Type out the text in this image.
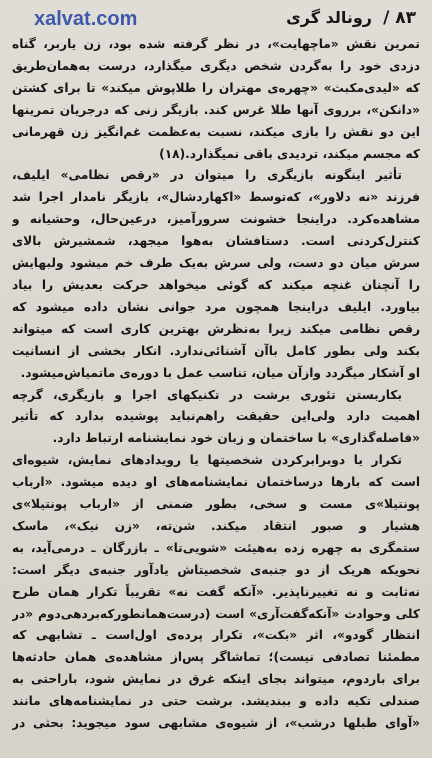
۸۳ /
رونالد گری
xalvat.com
تمرین نقش «ماچهایت»، در نظر گرفته شده بود، زن یاربر، گناه
دزدی خود را به‌گردن شخص دیگری میگذارد، درست به‌همان‌طریق
که «لیدی‌مکبث» «چهره‌ی مهتران را طلاپوش میکند» تا برای کشتن
«دانکن»، برروی آنها طلا غرس کند. بازیگر زنی که درجریان تمرینها
این دو نقش را بازی میکند، نسبت به‌عظمت غم‌انگیز زن قهرمانی
که مجسم میکند، تردیدی باقی نمیگذارد.(۱۸)
تأثیر اینگونه بازیگری را میتوان در «رقص نظامی» ایلیف،
فرزند «نه دلاور»، که‌توسط «اکهارد‌شال»، بازیگر نامدار اجرا شد
مشاهده‌کرد. دراینجا خشونت سرورآمیز، درعین‌حال، وحشیانه و
کنترل‌کردنی است. دستافشان به‌هوا میجهد، شمشیرش بالای
سرش میان دو دست، ولی سرش به‌یک طرف خم میشود ولبهایش
را آنچنان غنچه میکند که گوئی میخواهد حرکت بعدیش را بیاد
بیاورد. ایلیف دراینجا همچون مرد جوانی نشان داده میشود که
رقص نظامی میکند زیرا به‌نظرش بهترین کاری است که میتواند
بکند ولی بطور کامل باآن آشنائی‌ندارد. انکار بخشی از انسانیت
او آشکار میگردد وازآن میان، تناسب عمل با دوره‌ی ماتمیاش‌میشود.
بکاربستن تئوری برشت در تکنیکهای اجرا و بازیگری، گرچه
اهمیت دارد ولی‌این حقیقت راهم‌نباید پوشیده بدارد که تأثیر
«فاصله‌گذاری» با ساختمان و زبان خود نمایشنامه ارتباط دارد.
تکرار یا دوبرابرکردن شخصیتها یا رویدادهای نمایش، شیوه‌ای
است که بارها درساختمان نمایشنامه‌های او دیده میشود. «ارباب
پونتیلا»ی مست و سخی، بطور ضمنی از «ارباب پونتیلا»ی
هشیار و صبور انتقاد میکند. شن‌ته، «زن نیک»، ماسک
ستمگری به چهره زده به‌هیئت «شویی‌تا» ـ بازرگان ـ درمی‌آید، به
نحویکه هریک از دو جنبه‌ی شخصیتاش یادآور جنبه‌ی دیگر است:
نه‌ثابت و نه تغییرناپذیر. «آنکه گفت نه» تقریباً تکرار همان طرح
کلی وحوادث «آنکه‌گفت‌آری» است (درست‌همانطورکه‌بردهی‌دوم «در
انتظار گودو»، اثر «بکت»، تکرار پرده‌ی اول‌است ـ تشابهی که
مطمئنا تصادفی نیست)؛ تماشاگر پس‌از مشاهده‌ی همان حادثه‌ها
برای باردوم، میتواند بجای اینکه غرق در نمایش شود، باراحتی به
صندلی تکیه داده و ببندیشد. برشت حتی در نمایشنامه‌های مانند
«آوای طبلها درشب»، از شیوه‌ی مشابهی سود میجوید: بحثی در
